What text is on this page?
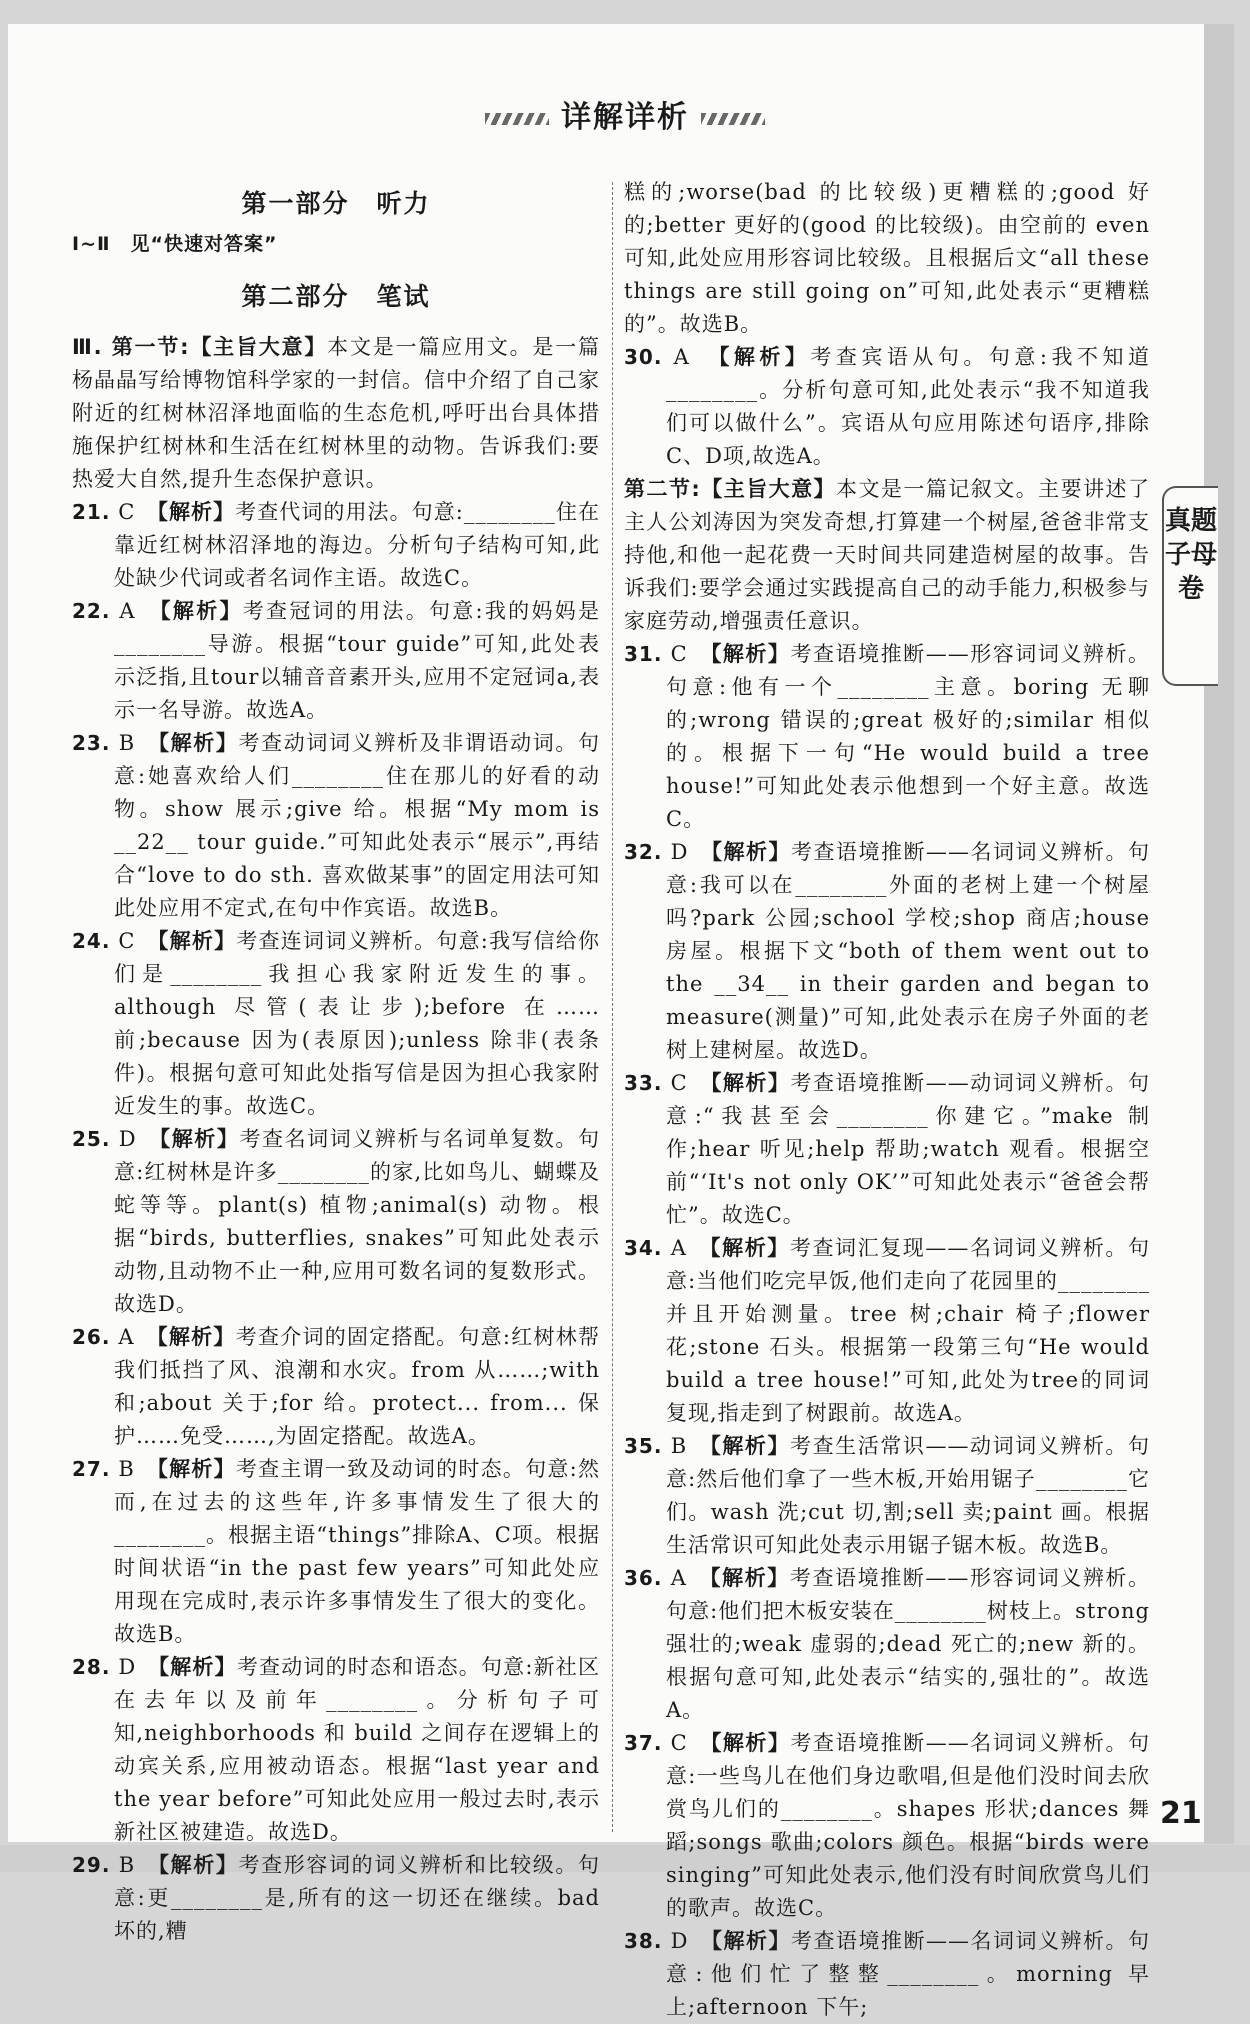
详解详析
第一部分　听力
Ⅰ~Ⅱ　见“快速对答案”
第二部分　笔试

Ⅲ. 第一节:【主旨大意】本文是一篇应用文。是一篇杨晶晶写给博物馆科学家的一封信。信中介绍了自己家附近的红树林沼泽地面临的生态危机,呼吁出台具体措施保护红树林和生活在红树林里的动物。告诉我们:要热爱大自然,提升生态保护意识。

21. C　 【解析】考查代词的用法。句意:________住在靠近红树林沼泽地的海边。分析句子结构可知,此处缺少代词或者名词作主语。故选C。

22. A　 【解析】考查冠词的用法。句意:我的妈妈是________导游。根据“tour guide”可知,此处表示泛指,且tour以辅音音素开头,应用不定冠词a,表示一名导游。故选A。

23. B　 【解析】考查动词词义辨析及非谓语动词。句意:她喜欢给人们________住在那儿的好看的动物。show 展示;give 给。根据“My mom is __22__ tour guide.”可知此处表示“展示”,再结合“love to do sth. 喜欢做某事”的固定用法可知此处应用不定式,在句中作宾语。故选B。

24. C　 【解析】考查连词词义辨析。句意:我写信给你们是________我担心我家附近发生的事。although 尽管(表让步);before 在……前;because 因为(表原因);unless 除非(表条件)。根据句意可知此处指写信是因为担心我家附近发生的事。故选C。

25. D　 【解析】考查名词词义辨析与名词单复数。句意:红树林是许多________的家,比如鸟儿、蝴蝶及蛇等等。plant(s) 植物;animal(s) 动物。根据“birds, butterflies, snakes”可知此处表示动物,且动物不止一种,应用可数名词的复数形式。故选D。

26. A　 【解析】考查介词的固定搭配。句意:红树林帮我们抵挡了风、浪潮和水灾。from 从……;with 和;about 关于;for 给。protect... from... 保护……免受……,为固定搭配。故选A。

27. B　 【解析】考查主谓一致及动词的时态。句意:然而,在过去的这些年,许多事情发生了很大的________。根据主语“things”排除A、C项。根据时间状语“in the past few years”可知此处应用现在完成时,表示许多事情发生了很大的变化。故选B。

28. D　 【解析】考查动词的时态和语态。句意:新社区在去年以及前年________。分析句子可知,neighborhoods 和 build 之间存在逻辑上的动宾关系,应用被动语态。根据“last year and the year before”可知此处应用一般过去时,表示新社区被建造。故选D。

29. B　 【解析】考查形容词的词义辨析和比较级。句意:更________是,所有的这一切还在继续。bad 坏的,糟

糕的;worse(bad 的比较级)更糟糕的;good 好的;better 更好的(good 的比较级)。由空前的 even 可知,此处应用形容词比较级。且根据后文“all these things are still going on”可知,此处表示“更糟糕的”。故选B。

30. A　 【解析】考查宾语从句。句意:我不知道________。分析句意可知,此处表示“我不知道我们可以做什么”。宾语从句应用陈述句语序,排除C、D项,故选A。

第二节:【主旨大意】本文是一篇记叙文。主要讲述了主人公刘涛因为突发奇想,打算建一个树屋,爸爸非常支持他,和他一起花费一天时间共同建造树屋的故事。告诉我们:要学会通过实践提高自己的动手能力,积极参与家庭劳动,增强责任意识。

31. C　 【解析】考查语境推断——形容词词义辨析。句意:他有一个________主意。boring 无聊的;wrong 错误的;great 极好的;similar 相似的。根据下一句“He would build a tree house!”可知此处表示他想到一个好主意。故选C。

32. D　 【解析】考查语境推断——名词词义辨析。句意:我可以在________外面的老树上建一个树屋吗?park 公园;school 学校;shop 商店;house 房屋。根据下文“both of them went out to the __34__ in their garden and began to measure(测量)”可知,此处表示在房子外面的老树上建树屋。故选D。

33. C　 【解析】考查语境推断——动词词义辨析。句意:“我甚至会________你建它。”make 制作;hear 听见;help 帮助;watch 观看。根据空前“‘It's not only OK’”可知此处表示“爸爸会帮忙”。故选C。

34. A　 【解析】考查词汇复现——名词词义辨析。句意:当他们吃完早饭,他们走向了花园里的________并且开始测量。tree 树;chair 椅子;flower 花;stone 石头。根据第一段第三句“He would build a tree house!”可知,此处为tree的同词复现,指走到了树跟前。故选A。

35. B　 【解析】考查生活常识——动词词义辨析。句意:然后他们拿了一些木板,开始用锯子________它们。wash 洗;cut 切,割;sell 卖;paint 画。根据生活常识可知此处表示用锯子锯木板。故选B。

36. A　 【解析】考查语境推断——形容词词义辨析。句意:他们把木板安装在________树枝上。strong 强壮的;weak 虚弱的;dead 死亡的;new 新的。根据句意可知,此处表示“结实的,强壮的”。故选A。

37. C　 【解析】考查语境推断——名词词义辨析。句意:一些鸟儿在他们身边歌唱,但是他们没时间去欣赏鸟儿们的________。shapes 形状;dances 舞蹈;songs 歌曲;colors 颜色。根据“birds were singing”可知此处表示,他们没有时间欣赏鸟儿们的歌声。故选C。

38. D　 【解析】考查语境推断——名词词义辨析。句意:他们忙了整整________。morning 早上;afternoon 下午;

真题子母卷
21
